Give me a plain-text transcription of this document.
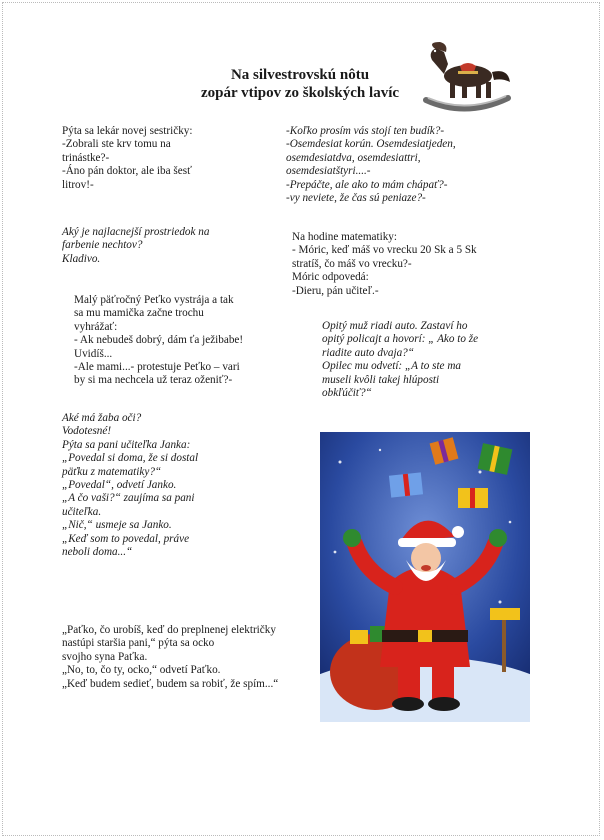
Na silvestrovskú nôtu
zopár vtipov zo školských lavíc
Pýta sa lekár novej sestričky:
-Zobrali ste krv tomu na
trinástke?-
-Áno pán doktor, ale iba šesť
litrov!-
Aký je najlacnejší prostriedok na
farbenie nechtov?
Kladivo.
Malý päťročný Peťko vystrája a tak
sa mu mamička začne trochu
vyhrážať:
- Ak nebudeš dobrý, dám ťa ježibabe!
Uvidíš...
-Ale mami...- protestuje Peťko – vari
by si ma nechcela už teraz oženiť?-
Aké má žaba oči?
Vodotesné!
Pýta sa pani učiteľka Janka:
„Povedal si doma, že si dostal
päťku z matematiky?“
„Povedal“, odvetí Janko.
„A čo vaši?“ zaujíma sa pani
učiteľka.
„Nič,“ usmeje sa Janko.
„Keď som to povedal, práve
neboli doma...“
„Paťko, čo urobíš, keď do preplnenej električky
nastúpi staršia pani,“ pýta sa ocko
svojho syna Paťka.
„No, to, čo ty, ocko,“ odvetí Paťko.
„Keď budem sedieť, budem sa robiť, že spím...“
-Koľko prosím vás stojí ten budík?-
-Osemdesiat korún. Osemdesiatjeden,
osemdesiatdva, osemdesiattri,
osemdesiatštyri....-
-Prepáčte, ale ako to mám chápať?-
-vy neviete, že čas sú peniaze?-
Na hodine matematiky:
- Móric, keď máš vo vrecku 20 Sk a 5 Sk
stratíš, čo máš vo vrecku?-
Móric odpovedá:
-Dieru, pán učiteľ.-
Opitý muž riadi auto. Zastaví ho
opitý policajt a hovorí: „ Ako to že
riadite auto dvaja?“
Opilec mu odvetí: „A to ste ma
museli kvôli takej hlúposti
obkľúčiť?“
